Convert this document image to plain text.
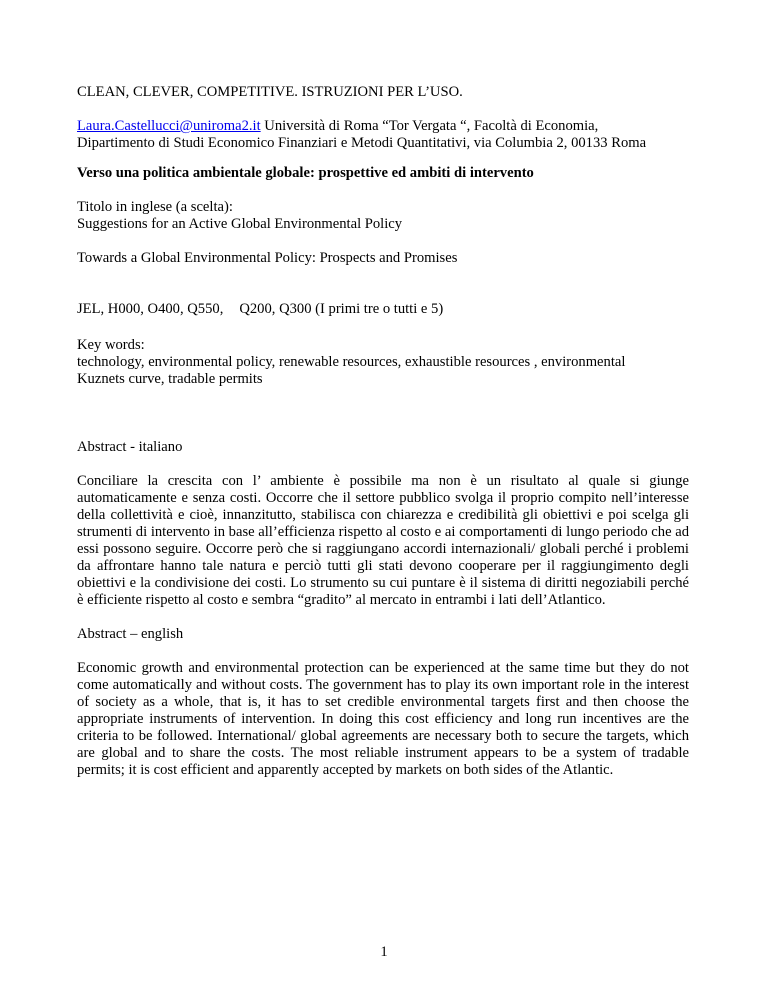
CLEAN, CLEVER, COMPETITIVE. ISTRUZIONI PER L’USO.

Laura.Castellucci@uniroma2.it Università di Roma “Tor Vergata “, Facoltà di Economia,
Dipartimento di Studi Economico Finanziari e Metodi Quantitativi, via Columbia 2, 00133 Roma

Verso una politica ambientale globale: prospettive ed ambiti di intervento

Titolo in inglese (a scelta):
Suggestions for an Active Global Environmental Policy

Towards a Global Environmental Policy: Prospects and Promises

JEL, H000, O400, Q550, Q200, Q300 (I primi tre o tutti e 5)

Key words:
technology, environmental policy, renewable resources, exhaustible resources , environmental
Kuznets curve, tradable permits

Abstract - italiano

Conciliare la crescita con l’ ambiente è possibile ma non è un risultato al quale si giunge automaticamente e senza costi. Occorre che il settore pubblico svolga il proprio compito nell’interesse della collettività e cioè, innanzitutto, stabilisca con chiarezza e credibilità gli obiettivi e poi scelga gli strumenti di intervento in base all’efficienza rispetto al costo e ai comportamenti di lungo periodo che ad essi possono seguire. Occorre però che si raggiungano accordi internazionali/ globali perché i problemi da affrontare hanno tale natura e perciò tutti gli stati devono cooperare per il raggiungimento degli obiettivi e la condivisione dei costi. Lo strumento su cui puntare è il sistema di diritti negoziabili perché è efficiente rispetto al costo e sembra “gradito” al mercato in entrambi i lati dell’Atlantico.

Abstract – english

Economic growth and environmental protection can be experienced at the same time but they do not come automatically and without costs. The government has to play its own important role in the interest of society as a whole, that is, it has to set credible environmental targets first and then choose the appropriate instruments of intervention. In doing this cost efficiency and long run incentives are the criteria to be followed. International/ global agreements are necessary both to secure the targets, which are global and to share the costs. The most reliable instrument appears to be a system of tradable permits; it is cost efficient and apparently accepted by markets on both sides of the Atlantic.

1
